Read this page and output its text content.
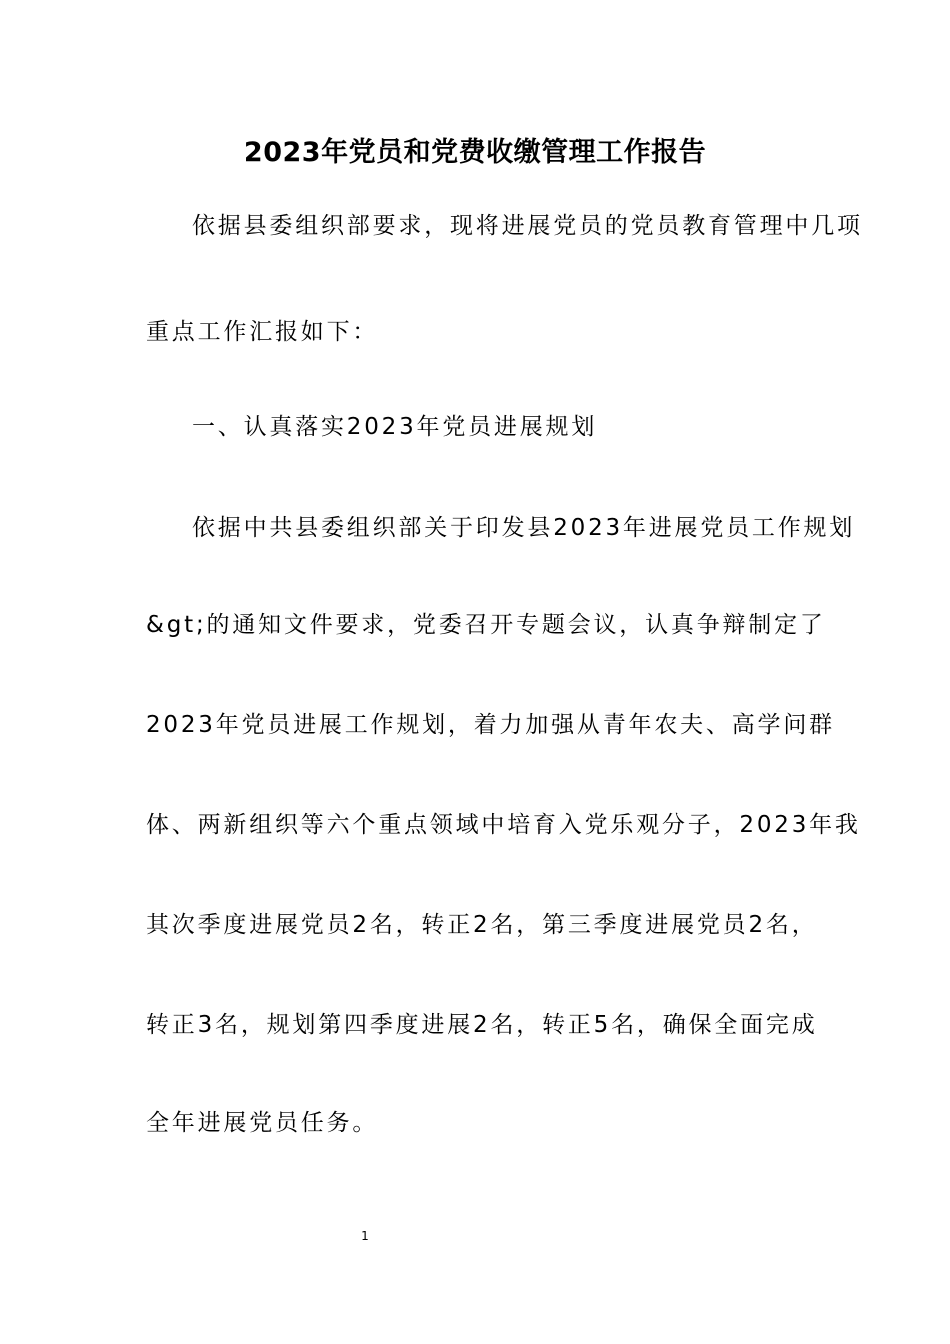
2023年党员和党费收缴管理工作报告
依据县委组织部要求，现将进展党员的党员教育管理中几项
重点工作汇报如下：
一、认真落实2023年党员进展规划
依据中共县委组织部关于印发县2023年进展党员工作规划
&gt;的通知文件要求，党委召开专题会议，认真争辩制定了
2023年党员进展工作规划，着力加强从青年农夫、高学问群
体、两新组织等六个重点领域中培育入党乐观分子，2023年我
其次季度进展党员2名，转正2名，第三季度进展党员2名，
转正3名，规划第四季度进展2名，转正5名，确保全面完成
全年进展党员任务。
1
